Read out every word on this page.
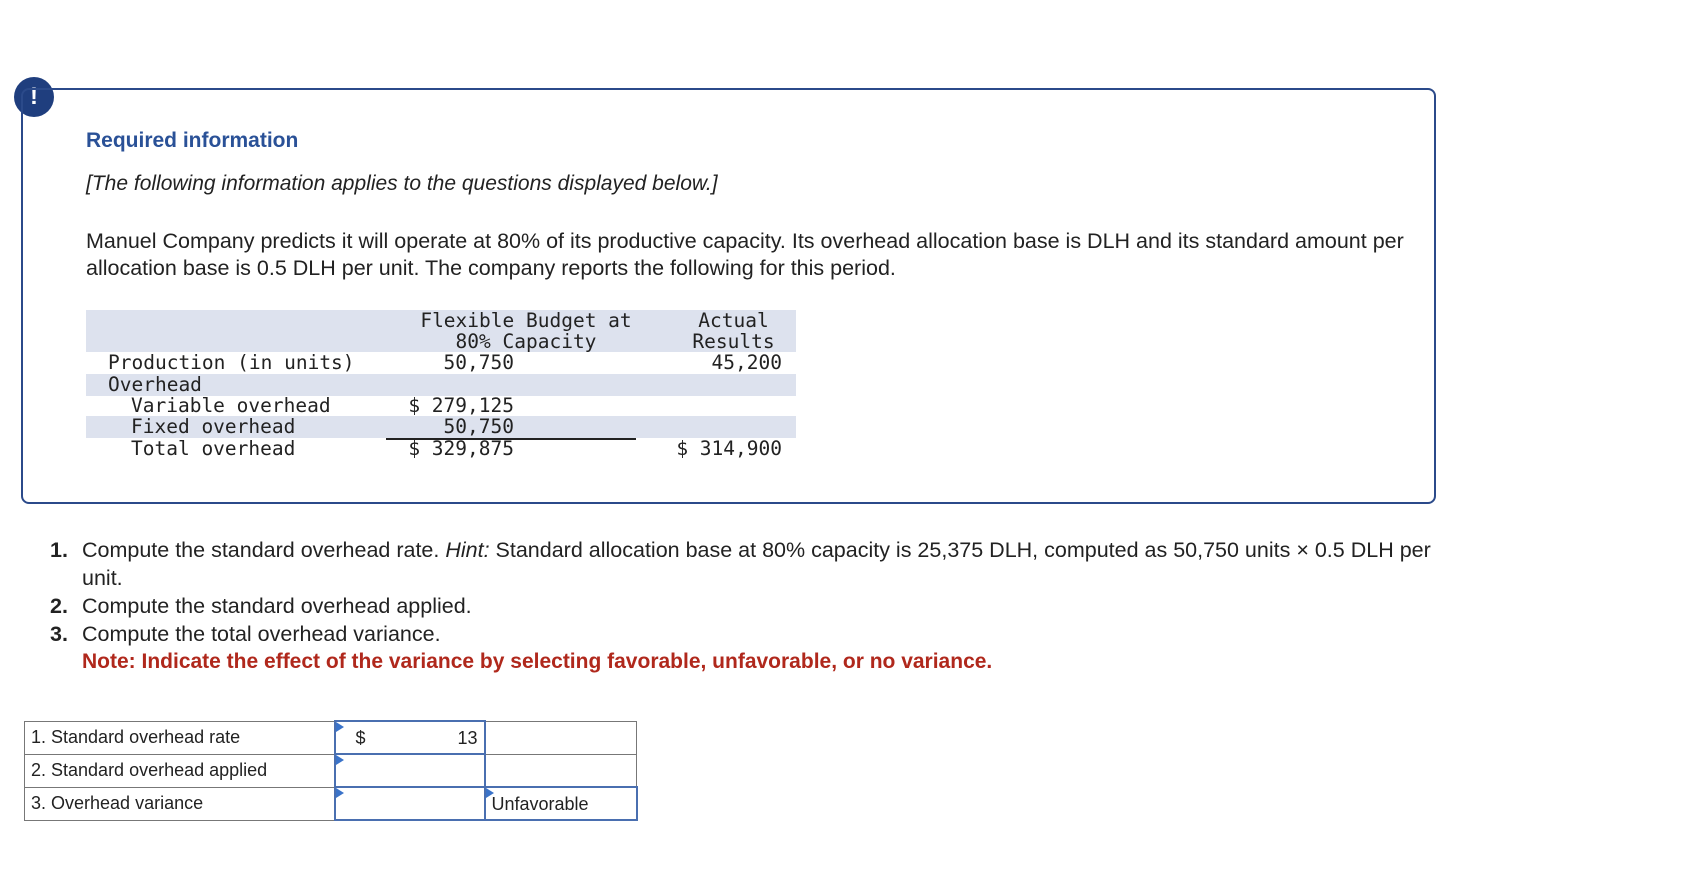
!
Required information
[The following information applies to the questions displayed below.]
Manuel Company predicts it will operate at 80% of its productive capacity. Its overhead allocation base is DLH and its standard amount per allocation base is 0.5 DLH per unit. The company reports the following for this period.
Flexible Budget at	Actual
80% Capacity	Results
Production (in units)	50,750	45,200
Overhead
Variable overhead	$ 279,125
Fixed overhead	50,750
Total overhead	$ 329,875	$ 314,900
1. Compute the standard overhead rate. Hint: Standard allocation base at 80% capacity is 25,375 DLH, computed as 50,750 units × 0.5 DLH per unit.
2. Compute the standard overhead applied.
3. Compute the total overhead variance.
Note: Indicate the effect of the variance by selecting favorable, unfavorable, or no variance.
1. Standard overhead rate	$ 13	

2. Standard overhead applied	

3. Overhead variance		Unfavorable
